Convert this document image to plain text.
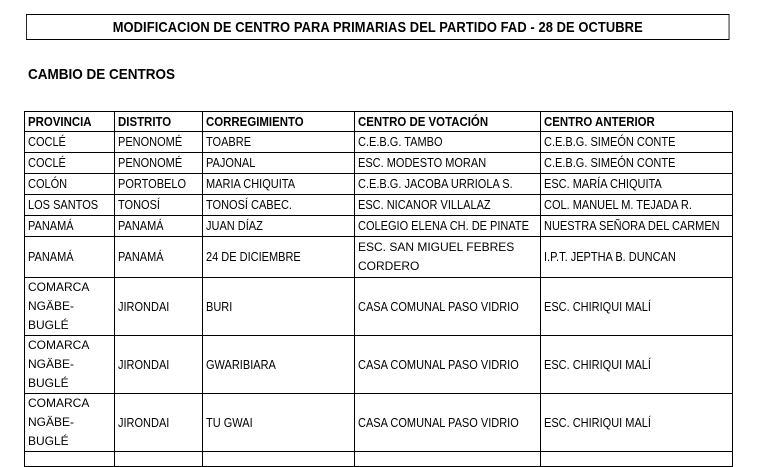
MODIFICACION DE CENTRO PARA PRIMARIAS DEL PARTIDO FAD - 28 DE OCTUBRE
CAMBIO DE CENTROS
PROVINCIA	DISTRITO	CORREGIMIENTO	CENTRO DE VOTACIÓN	CENTRO ANTERIOR
COCLÉ	PENONOMÉ	TOABRE	C.E.B.G. TAMBO	C.E.B.G. SIMEÓN CONTE
COCLÉ	PENONOMÉ	PAJONAL	ESC. MODESTO MORAN	C.E.B.G. SIMEÓN CONTE
COLÓN	PORTOBELO	MARIA CHIQUITA	C.E.B.G. JACOBA URRIOLA S.	ESC. MARÍA CHIQUITA
LOS SANTOS	TONOSÍ	TONOSÍ CABEC.	ESC. NICANOR VILLALAZ	COL. MANUEL M. TEJADA R.
PANAMÁ	PANAMÁ	JUAN DÍAZ	COLEGIO ELENA CH. DE PINATE	NUESTRA SEÑORA DEL CARMEN
PANAMÁ	PANAMÁ	24 DE DICIEMBRE	ESC. SAN MIGUEL FEBRES CORDERO	I.P.T. JEPTHA B. DUNCAN

COMARCA NGÄBE-BUGLÉ	JIRONDAI	BURI	CASA COMUNAL PASO VIDRIO	ESC. CHIRIQUI MALÍ

COMARCA NGÄBE-BUGLÉ	JIRONDAI	GWARIBIARA	CASA COMUNAL PASO VIDRIO	ESC. CHIRIQUI MALÍ

COMARCA NGÄBE-BUGLÉ	JIRONDAI	TU GWAI	CASA COMUNAL PASO VIDRIO	ESC. CHIRIQUI MALÍ
